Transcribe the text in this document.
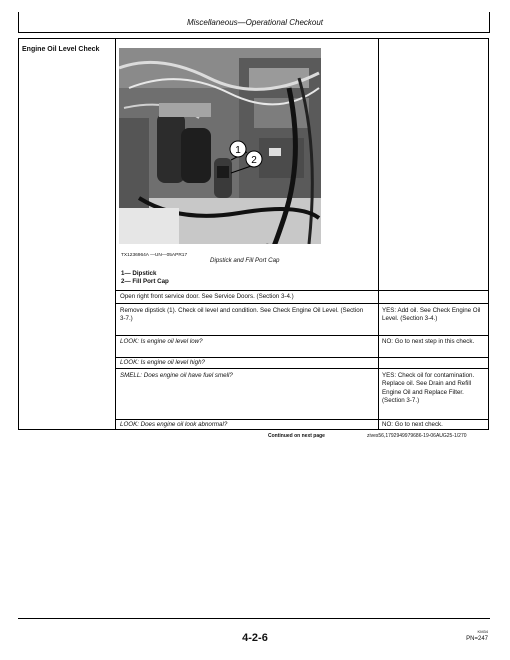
Miscellaneous—Operational Checkout
Engine Oil Level Check
1
2
TX1236964A —UN—05APR17
Dipstick and Fill Port Cap
1— Dipstick
2— Fill Port Cap
Open right front service door. See Service Doors. (Section 3-4.)
Remove dipstick (1). Check oil level and condition. See Check Engine Oil Level. (Section 3-7.)
LOOK: Is engine oil level low?
LOOK: Is engine oil level high?
SMELL: Does engine oil have fuel smell?
LOOK: Does engine oil look abnormal?
YES: Add oil. See Check Engine Oil Level. (Section 3-4.)
NO: Go to next step in this check.
YES: Check oil for contamination. Replace oil. See Drain and Refill Engine Oil and Replace Filter. (Section 3-7.)
NO: Go to next check.
Continued on next page	zives56,1792949979686-19-06AUG25-1/270
4-2-6
KM34
PN=247
